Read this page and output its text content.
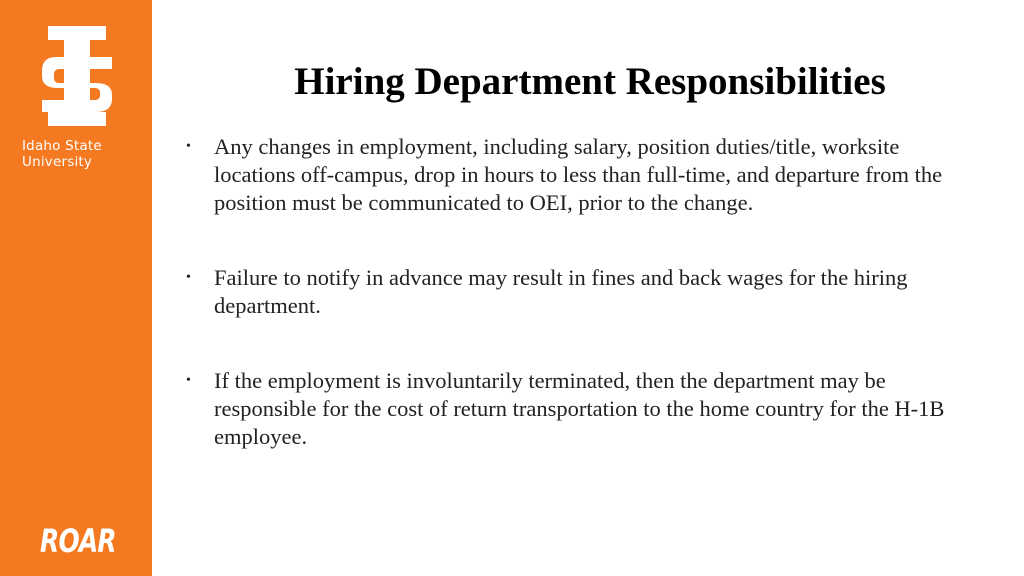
Idaho State
University
ROAR
Hiring Department Responsibilities
• Any changes in employment, including salary, position duties/title, worksite locations off-campus, drop in hours to less than full-time, and departure from the position must be communicated to OEI, prior to the change.
• Failure to notify in advance may result in fines and back wages for the hiring department.
• If the employment is involuntarily terminated, then the department may be responsible for the cost of return transportation to the home country for the H-1B employee.
